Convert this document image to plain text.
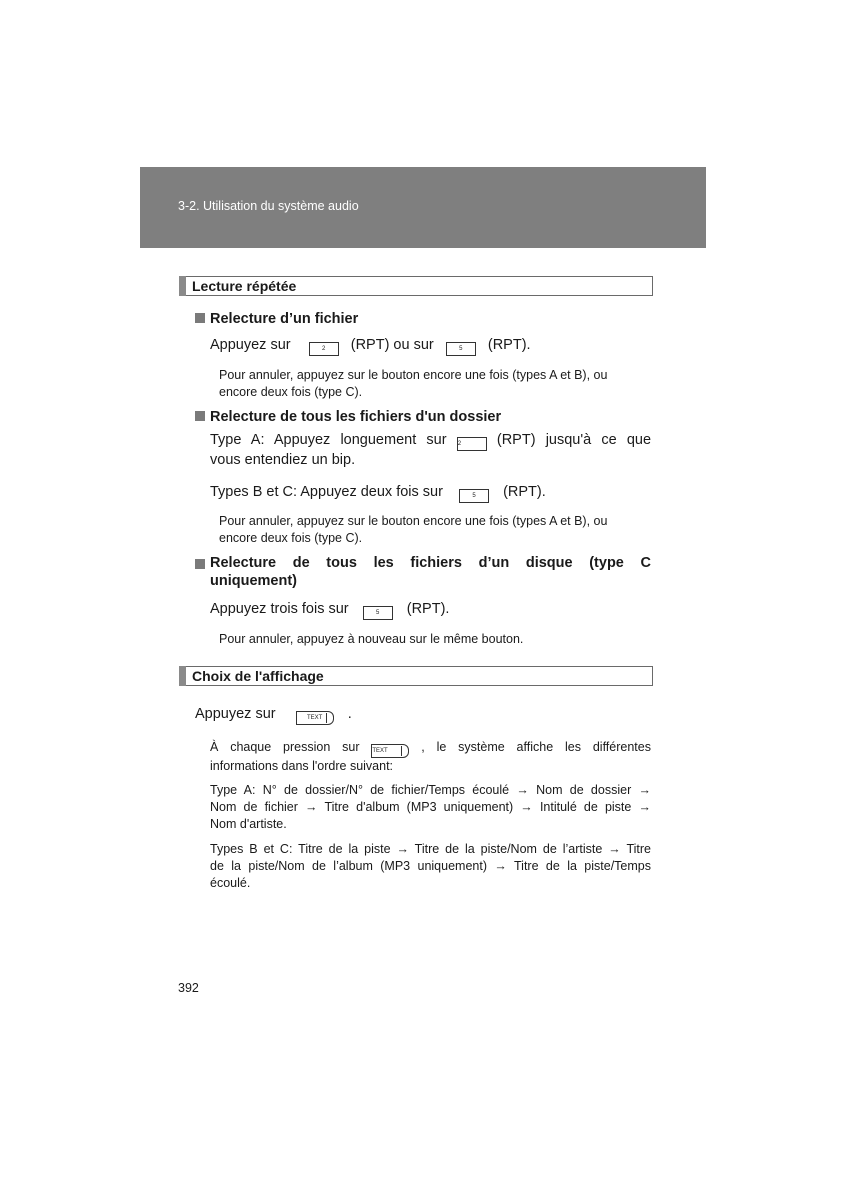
3-2. Utilisation du système audio
Lecture répétée
Relecture d’un fichier
Appuyez sur	2 (RPT) ou sur	5 (RPT).
Pour annuler, appuyez sur le bouton encore une fois (types A et B), ou
encore deux fois (type C).
Relecture de tous les fichiers d'un dossier
Type A: Appuyez longuement sur 2 (RPT) jusqu'à ce que
vous entendiez un bip.
Types B et C: Appuyez deux fois sur	5 (RPT).
Pour annuler, appuyez sur le bouton encore une fois (types A et B), ou
encore deux fois (type C).
Relecture de tous les fichiers d’un disque (type C
uniquement)
Appuyez trois fois sur	5 (RPT).
Pour annuler, appuyez à nouveau sur le même bouton.
Choix de l'affichage
Appuyez sur	TEXT .
À chaque pression sur TEXT	, le système affiche les différentes
informations dans l'ordre suivant:
Type A: N° de dossier/N° de fichier/Temps écoulé → Nom de dossier →
Nom de fichier → Titre d'album (MP3 uniquement) → Intitulé de piste →
Nom d'artiste.
Types B et C: Titre de la piste → Titre de la piste/Nom de l’artiste → Titre
de la piste/Nom de l’album (MP3 uniquement) → Titre de la piste/Temps
écoulé.
392
